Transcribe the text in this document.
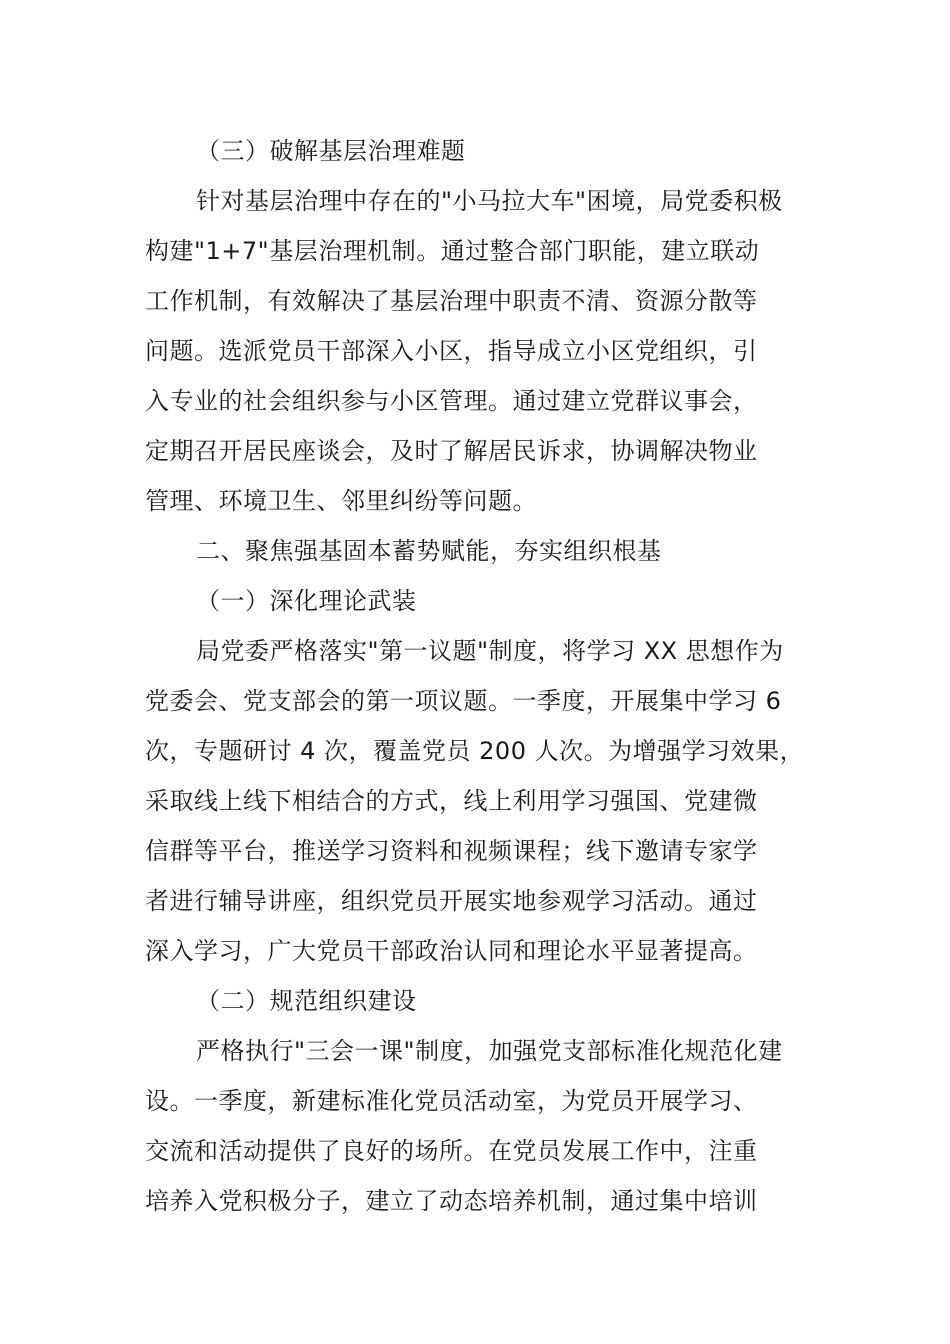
（三）破解基层治理难题
针对基层治理中存在的"小马拉大车"困境，局党委积极
构建"1+7"基层治理机制。通过整合部门职能，建立联动
工作机制，有效解决了基层治理中职责不清、资源分散等
问题。选派党员干部深入小区，指导成立小区党组织，引
入专业的社会组织参与小区管理。通过建立党群议事会，
定期召开居民座谈会，及时了解居民诉求，协调解决物业
管理、环境卫生、邻里纠纷等问题。
二、聚焦强基固本蓄势赋能，夯实组织根基
（一）深化理论武装
局党委严格落实"第一议题"制度，将学习 XX 思想作为
党委会、党支部会的第一项议题。一季度，开展集中学习 6
次，专题研讨 4 次，覆盖党员 200 人次。为增强学习效果，
采取线上线下相结合的方式，线上利用学习强国、党建微
信群等平台，推送学习资料和视频课程；线下邀请专家学
者进行辅导讲座，组织党员开展实地参观学习活动。通过
深入学习，广大党员干部政治认同和理论水平显著提高。
（二）规范组织建设
严格执行"三会一课"制度，加强党支部标准化规范化建
设。一季度，新建标准化党员活动室，为党员开展学习、
交流和活动提供了良好的场所。在党员发展工作中，注重
培养入党积极分子，建立了动态培养机制，通过集中培训
